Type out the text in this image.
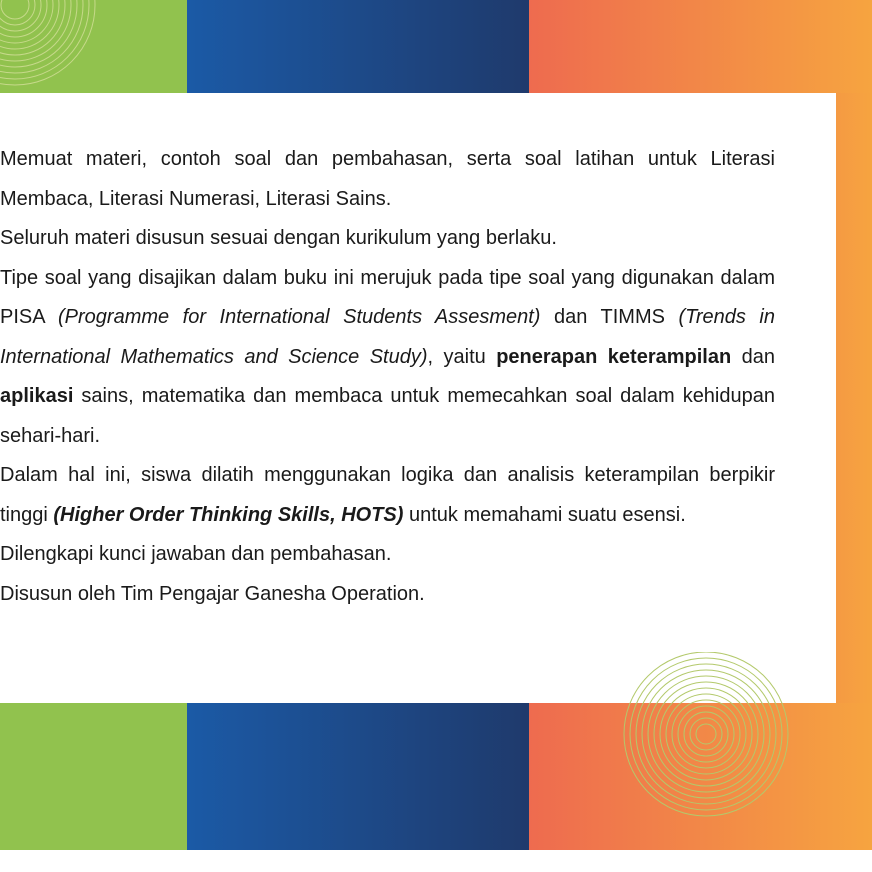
Memuat materi, contoh soal dan pembahasan, serta soal latihan untuk Literasi Membaca, Literasi Numerasi, Literasi Sains.

Seluruh materi disusun sesuai dengan kurikulum yang berlaku.

Tipe soal yang disajikan dalam buku ini merujuk pada tipe soal yang digunakan dalam PISA (Programme for International Students Assesment) dan TIMMS (Trends in International Mathematics and Science Study), yaitu penerapan keterampilan dan aplikasi sains, matematika dan membaca untuk memecahkan soal dalam kehidupan sehari-hari.

Dalam hal ini, siswa dilatih menggunakan logika dan analisis keterampilan berpikir tinggi (Higher Order Thinking Skills, HOTS) untuk memahami suatu esensi.

Dilengkapi kunci jawaban dan pembahasan.

Disusun oleh Tim Pengajar Ganesha Operation.
